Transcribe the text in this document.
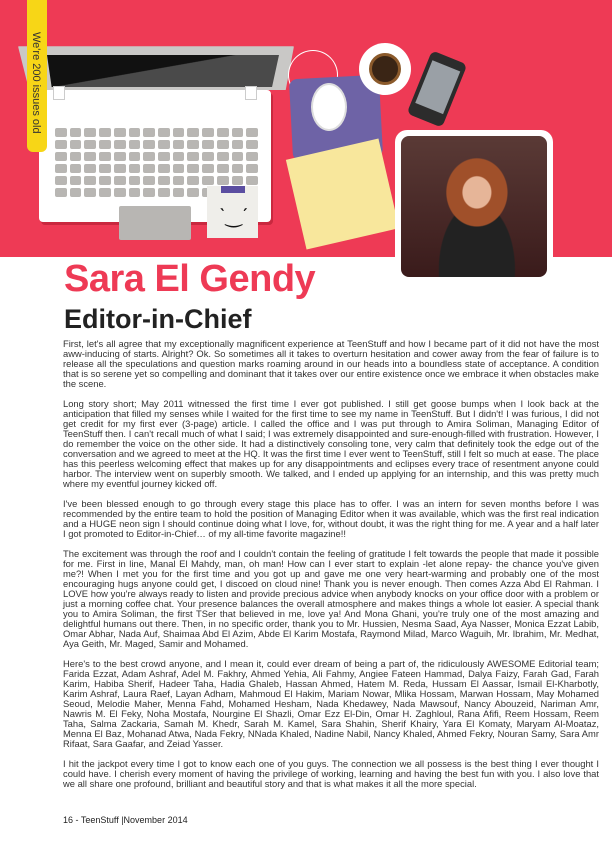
ˋ‿ˊ
We're 200 issues old
Sara El Gendy
Editor-in-Chief

First, let's all agree that my exceptionally magnificent experience at TeenStuff and how I became part of it did not have the most aww-inducing of starts. Alright? Ok. So sometimes all it takes to overturn hesitation and cower away from the fear of failure is to release all the speculations and question marks roaming around in our heads into a boundless state of acceptance. A condition that is so serene yet so compelling and dominant that it takes over our entire existence once we embrace it when obstacles make the scene.

Long story short; May 2011 witnessed the first time I ever got published. I still get goose bumps when I look back at the anticipation that filled my senses while I waited for the first time to see my name in TeenStuff. But I didn't! I was furious, I did not get credit for my first ever (3-page) article. I called the office and I was put through to Amira Soliman, Managing Editor of TeenStuff then. I can't recall much of what I said; I was extremely disappointed and sure-enough-filled with frustration. However, I do remember the voice on the other side. It had a distinctively consoling tone, very calm that definitely took the edge out of the conversation and we agreed to meet at the HQ. It was the first time I ever went to TeenStuff, still I felt so much at ease. The place has this peerless welcoming effect that makes up for any disappointments and eclipses every trace of resentment anyone could harbor. The interview went on superbly smooth. We talked, and I ended up applying for an internship, and this was pretty much where my eventful journey kicked off.

I've been blessed enough to go through every stage this place has to offer. I was an intern for seven months before I was recommended by the entire team to hold the position of Managing Editor when it was available, which was the first real indication and a HUGE neon sign I should continue doing what I love, for, without doubt, it was the right thing for me. A year and a half later I got promoted to Editor-in-Chief… of my all-time favorite magazine!!

The excitement was through the roof and I couldn't contain the feeling of gratitude I felt towards the people that made it possible for me. First in line, Manal El Mahdy, man, oh man! How can I ever start to explain -let alone repay- the chance you've given me?! When I met you for the first time and you got up and gave me one very heart-warming and probably one of the most encouraging hugs anyone could get, I discoed on cloud nine! Thank you is never enough. Then comes Azza Abd El Rahman. I LOVE how you're always ready to listen and provide precious advice when anybody knocks on your office door with a problem or just a morning coffee chat. Your presence balances the overall atmosphere and makes things a whole lot easier. A special thank you to Amira Soliman, the first TSer that believed in me, love ya! And Mona Ghani, you're truly one of the most amazing and delightful humans out there. Then, in no specific order, thank you to Mr. Hussien, Nesma Saad, Aya Nasser, Monica Ezzat Labib, Omar Abhar, Nada Auf, Shaimaa Abd El Azim, Abde El Karim Mostafa, Raymond Milad, Marco Waguih, Mr. Ibrahim, Mr. Medhat, Aya Geith, Mr. Maged, Samir and Mohamed.

Here's to the best crowd anyone, and I mean it, could ever dream of being a part of, the ridiculously AWESOME Editorial team; Farida Ezzat, Adam Ashraf, Adel M. Fakhry, Ahmed Yehia, Ali Fahmy, Angiee Fateen Hammad, Dalya Faizy, Farah Gad, Farah Karim, Habiba Sherif, Hadeer Taha, Hadia Ghaleb, Hassan Ahmed, Hatem M. Reda, Hussam El Aassar, Ismail El-Kharbotly, Karim Ashraf, Laura Raef, Layan Adham, Mahmoud El Hakim, Mariam Nowar, Mlika Hossam, Marwan Hossam, May Mohamed Seoud, Melodie Maher, Menna Fahd, Mohamed Hesham, Nada Khedawey, Nada Mawsouf, Nancy Abouzeid, Nariman Amr, Nawris M. El Feky, Noha Mostafa, Nourgine El Shazli, Omar Ezz El-Din, Omar H. Zaghloul, Rana Afifi, Reem Hossam, Reem Taha, Salma Zackaria, Samah M. Khedr, Sarah M. Kamel, Sara Shahin, Sherif Khairy, Yara El Komaty, Maryam Al-Moataz, Menna El Baz, Mohanad Atwa, Nada Fekry, NNada Khaled, Nadine Nabil, Nancy Khaled, Ahmed Fekry, Nouran Samy, Sara Amr Rifaat, Sara Gaafar, and Zeiad Yasser.

I hit the jackpot every time I got to know each one of you guys. The connection we all possess is the best thing I ever thought I could have. I cherish every moment of having the privilege of working, learning and having the best fun with you. I also love that we all share one profound, brilliant and beautiful story and that is what makes it all the more special.

16 - TeenStuff |November 2014
